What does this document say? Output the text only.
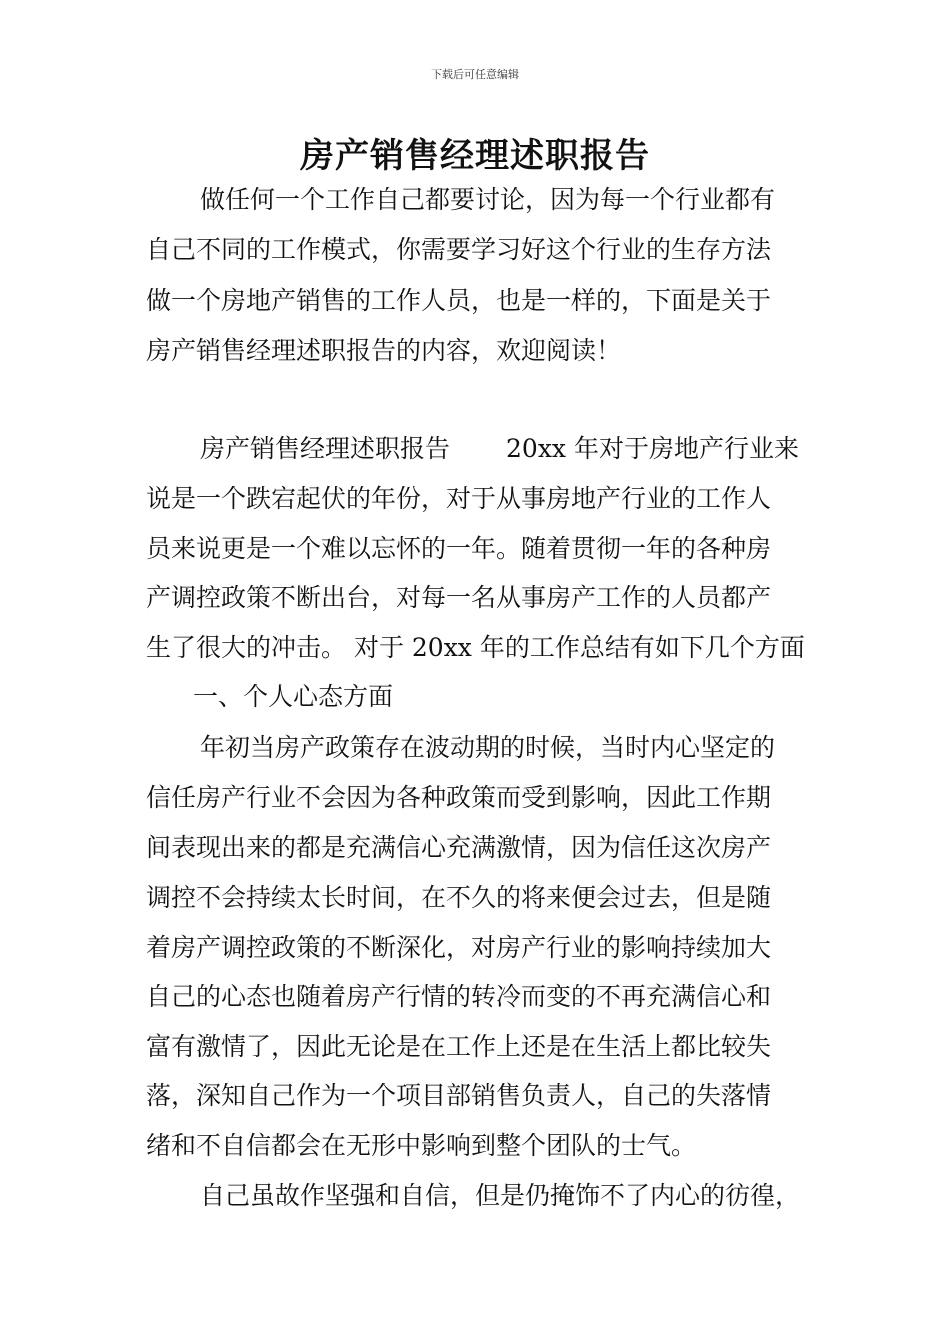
下载后可任意编辑
房产销售经理述职报告
做任何一个工作自己都要讨论，因为每一个行业都有
自己不同的工作模式，你需要学习好这个行业的生存方法
做一个房地产销售的工作人员，也是一样的，下面是关于
房产销售经理述职报告的内容，欢迎阅读！
房产销售经理述职报告 20xx 年对于房地产行业来
说是一个跌宕起伏的年份，对于从事房地产行业的工作人
员来说更是一个难以忘怀的一年。随着贯彻一年的各种房
产调控政策不断出台，对每一名从事房产工作的人员都产
生了很大的冲击。 对于 20xx 年的工作总结有如下几个方面
一、个人心态方面
年初当房产政策存在波动期的时候，当时内心坚定的
信任房产行业不会因为各种政策而受到影响，因此工作期
间表现出来的都是充满信心充满激情，因为信任这次房产
调控不会持续太长时间，在不久的将来便会过去，但是随
着房产调控政策的不断深化，对房产行业的影响持续加大
自己的心态也随着房产行情的转冷而变的不再充满信心和
富有激情了，因此无论是在工作上还是在生活上都比较失
落，深知自己作为一个项目部销售负责人，自己的失落情
绪和不自信都会在无形中影响到整个团队的士气。
自己虽故作坚强和自信，但是仍掩饰不了内心的彷徨，
